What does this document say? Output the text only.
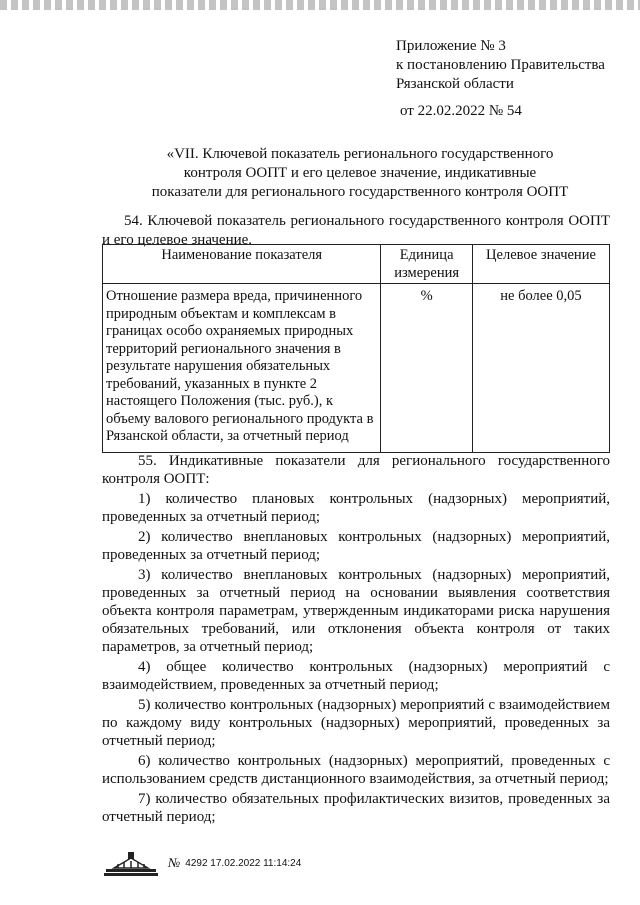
Приложение № 3
к постановлению Правительства
Рязанской области
от 22.02.2022 № 54
«VII. Ключевой показатель регионального государственного
контроля ООПТ и его целевое значение, индикативные
показатели для регионального государственного контроля ООПТ
54. Ключевой показатель регионального государственного контроля ООПТ и его целевое значение.
Наименование показателя	Единица измерения	Целевое значение
Отношение размера вреда, причиненного природным объектам и комплексам в границах особо охраняемых природных территорий регионального значения в результате нарушения обязательных требований, указанных в пункте 2 настоящего Положения (тыс. руб.), к объему валового регионального продукта в Рязанской области, за отчетный период	%	не более 0,05

55. Индикативные показатели для регионального государственного контроля ООПТ:

1) количество плановых контрольных (надзорных) мероприятий, проведенных за отчетный период;

2) количество внеплановых контрольных (надзорных) мероприятий, проведенных за отчетный период;

3) количество внеплановых контрольных (надзорных) мероприятий, проведенных за отчетный период на основании выявления соответствия объекта контроля параметрам, утвержденным индикаторами риска нарушения обязательных требований, или отклонения объекта контроля от таких параметров, за отчетный период;

4) общее количество контрольных (надзорных) мероприятий с взаимодействием, проведенных за отчетный период;

5) количество контрольных (надзорных) мероприятий с взаимодействием по каждому виду контрольных (надзорных) мероприятий, проведенных за отчетный период;

6) количество контрольных (надзорных) мероприятий, проведенных с использованием средств дистанционного взаимодействия, за отчетный период;

7) количество обязательных профилактических визитов, проведенных за отчетный период;

№ 4292 17.02.2022 11:14:24
